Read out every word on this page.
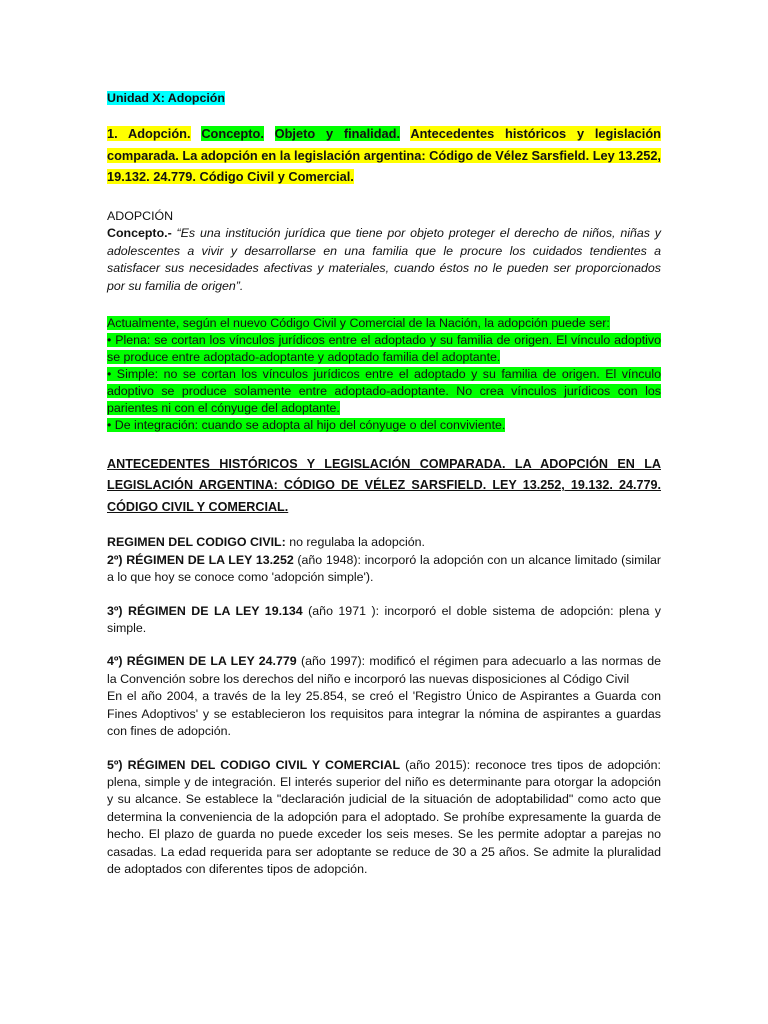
Unidad X: Adopción

1. Adopción. Concepto. Objeto y finalidad. Antecedentes históricos y legislación comparada. La adopción en la legislación argentina: Código de Vélez Sarsfield. Ley 13.252, 19.132. 24.779. Código Civil y Comercial.

ADOPCIÓN

Concepto.- “Es una institución jurídica que tiene por objeto proteger el derecho de niños, niñas y adolescentes a vivir y desarrollarse en una familia que le procure los cuidados tendientes a satisfacer sus necesidades afectivas y materiales, cuando éstos no le pueden ser proporcionados por su familia de origen”.

Actualmente, según el nuevo Código Civil y Comercial de la Nación, la adopción puede ser:
• Plena: se cortan los vínculos jurídicos entre el adoptado y su familia de origen. El vínculo adoptivo se produce entre adoptado-adoptante y adoptado familia del adoptante.
• Simple: no se cortan los vínculos jurídicos entre el adoptado y su familia de origen. El vínculo adoptivo se produce solamente entre adoptado-adoptante. No crea vínculos jurídicos con los parientes ni con el cónyuge del adoptante.
• De integración: cuando se adopta al hijo del cónyuge o del conviviente.

ANTECEDENTES HISTÓRICOS Y LEGISLACIÓN COMPARADA. LA ADOPCIÓN EN LA LEGISLACIÓN ARGENTINA: CÓDIGO DE VÉLEZ SARSFIELD. LEY 13.252, 19.132. 24.779. CÓDIGO CIVIL Y COMERCIAL.

REGIMEN DEL CODIGO CIVIL: no regulaba la adopción.
2º) RÉGIMEN DE LA LEY 13.252 (año 1948): incorporó la adopción con un alcance limitado (similar a lo que hoy se conoce como 'adopción simple').

3º) RÉGIMEN DE LA LEY 19.134 (año 1971 ): incorporó el doble sistema de adopción: plena y simple.

4º) RÉGIMEN DE LA LEY 24.779 (año 1997): modificó el régimen para adecuarlo a las normas de la Convención sobre los derechos del niño e incorporó las nuevas disposiciones al Código Civil
En el año 2004, a través de la ley 25.854, se creó el 'Registro Único de Aspirantes a Guarda con Fines Adoptivos' y se establecieron los requisitos para integrar la nómina de aspirantes a guardas con fines de adopción.

5º) RÉGIMEN DEL CODIGO CIVIL Y COMERCIAL (año 2015): reconoce tres tipos de adopción: plena, simple y de integración. El interés superior del niño es determinante para otorgar la adopción y su alcance. Se establece la "declaración judicial de la situación de adoptabilidad" como acto que determina la conveniencia de la adopción para el adoptado. Se prohíbe expresamente la guarda de hecho. El plazo de guarda no puede exceder los seis meses. Se les permite adoptar a parejas no casadas. La edad requerida para ser adoptante se reduce de 30 a 25 años. Se admite la pluralidad de adoptados con diferentes tipos de adopción.
